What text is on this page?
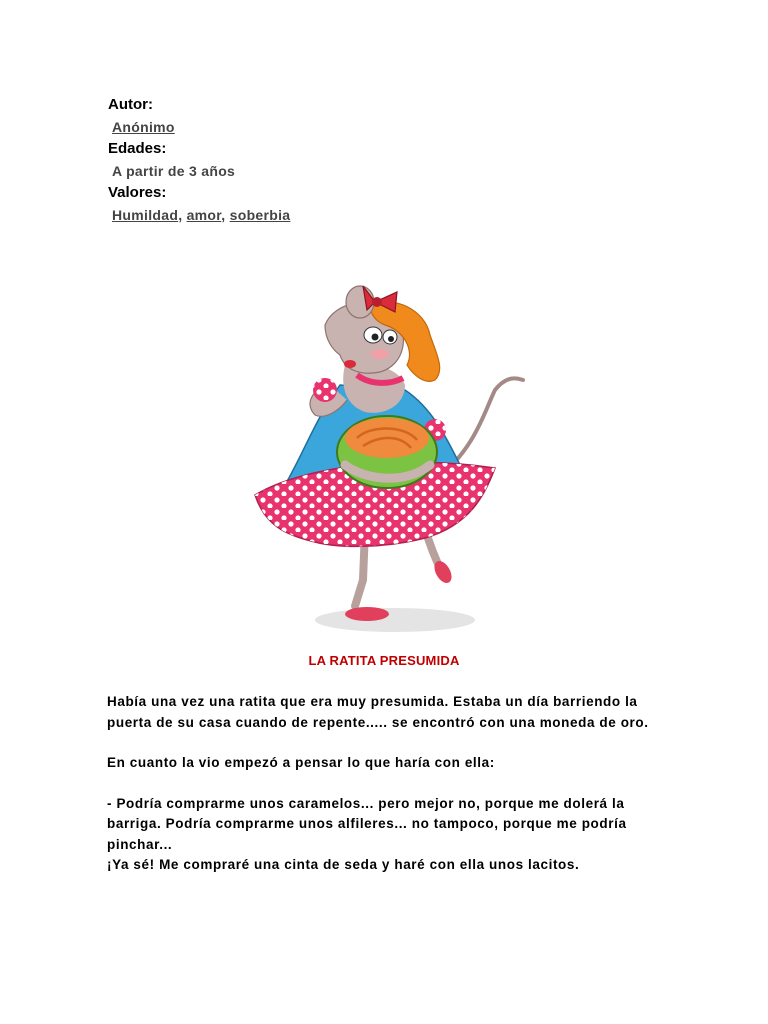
Autor:
Anónimo
Edades:
A partir de 3 años
Valores:
Humildad, amor, soberbia
LA RATITA PRESUMIDA

Había una vez una ratita que era muy presumida. Estaba un día barriendo la puerta de su casa cuando de repente..... se encontró con una moneda de oro.

En cuanto la vio empezó a pensar lo que haría con ella:

- Podría comprarme unos caramelos... pero mejor no, porque me dolerá la barriga. Podría comprarme unos alfileres... no tampoco, porque me podría pinchar...

¡Ya sé! Me compraré una cinta de seda y haré con ella unos lacitos.
